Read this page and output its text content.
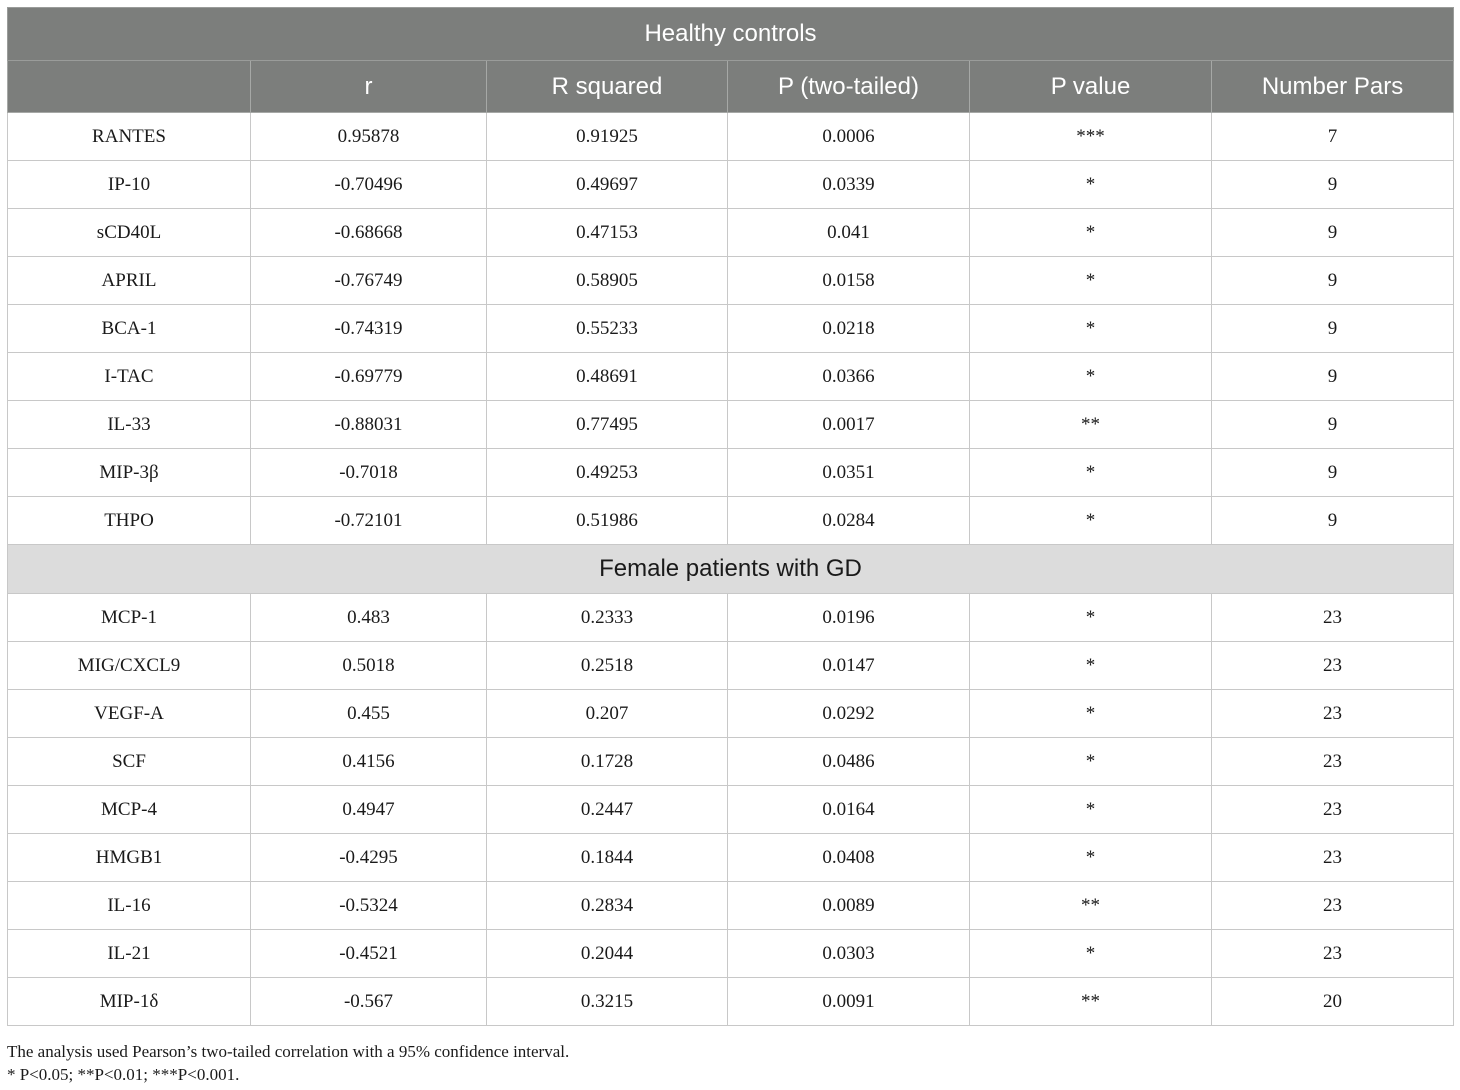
Healthy controls					
	r	R squared	P (two-tailed)	P value	Number Pars
RANTES	0.95878	0.91925	0.0006	***	7
IP-10	-0.70496	0.49697	0.0339	*	9
sCD40L	-0.68668	0.47153	0.041	*	9
APRIL	-0.76749	0.58905	0.0158	*	9
BCA-1	-0.74319	0.55233	0.0218	*	9
I-TAC	-0.69779	0.48691	0.0366	*	9
IL-33	-0.88031	0.77495	0.0017	**	9
MIP-3β	-0.7018	0.49253	0.0351	*	9
THPO	-0.72101	0.51986	0.0284	*	9
Female patients with GD					
MCP-1	0.483	0.2333	0.0196	*	23
MIG/CXCL9	0.5018	0.2518	0.0147	*	23
VEGF-A	0.455	0.207	0.0292	*	23
SCF	0.4156	0.1728	0.0486	*	23
MCP-4	0.4947	0.2447	0.0164	*	23
HMGB1	-0.4295	0.1844	0.0408	*	23
IL-16	-0.5324	0.2834	0.0089	**	23
IL-21	-0.4521	0.2044	0.0303	*	23
MIP-1δ	-0.567	0.3215	0.0091	**	20
The analysis used Pearson’s two-tailed correlation with a 95% confidence interval.
* P<0.05; **P<0.01; ***P<0.001.
